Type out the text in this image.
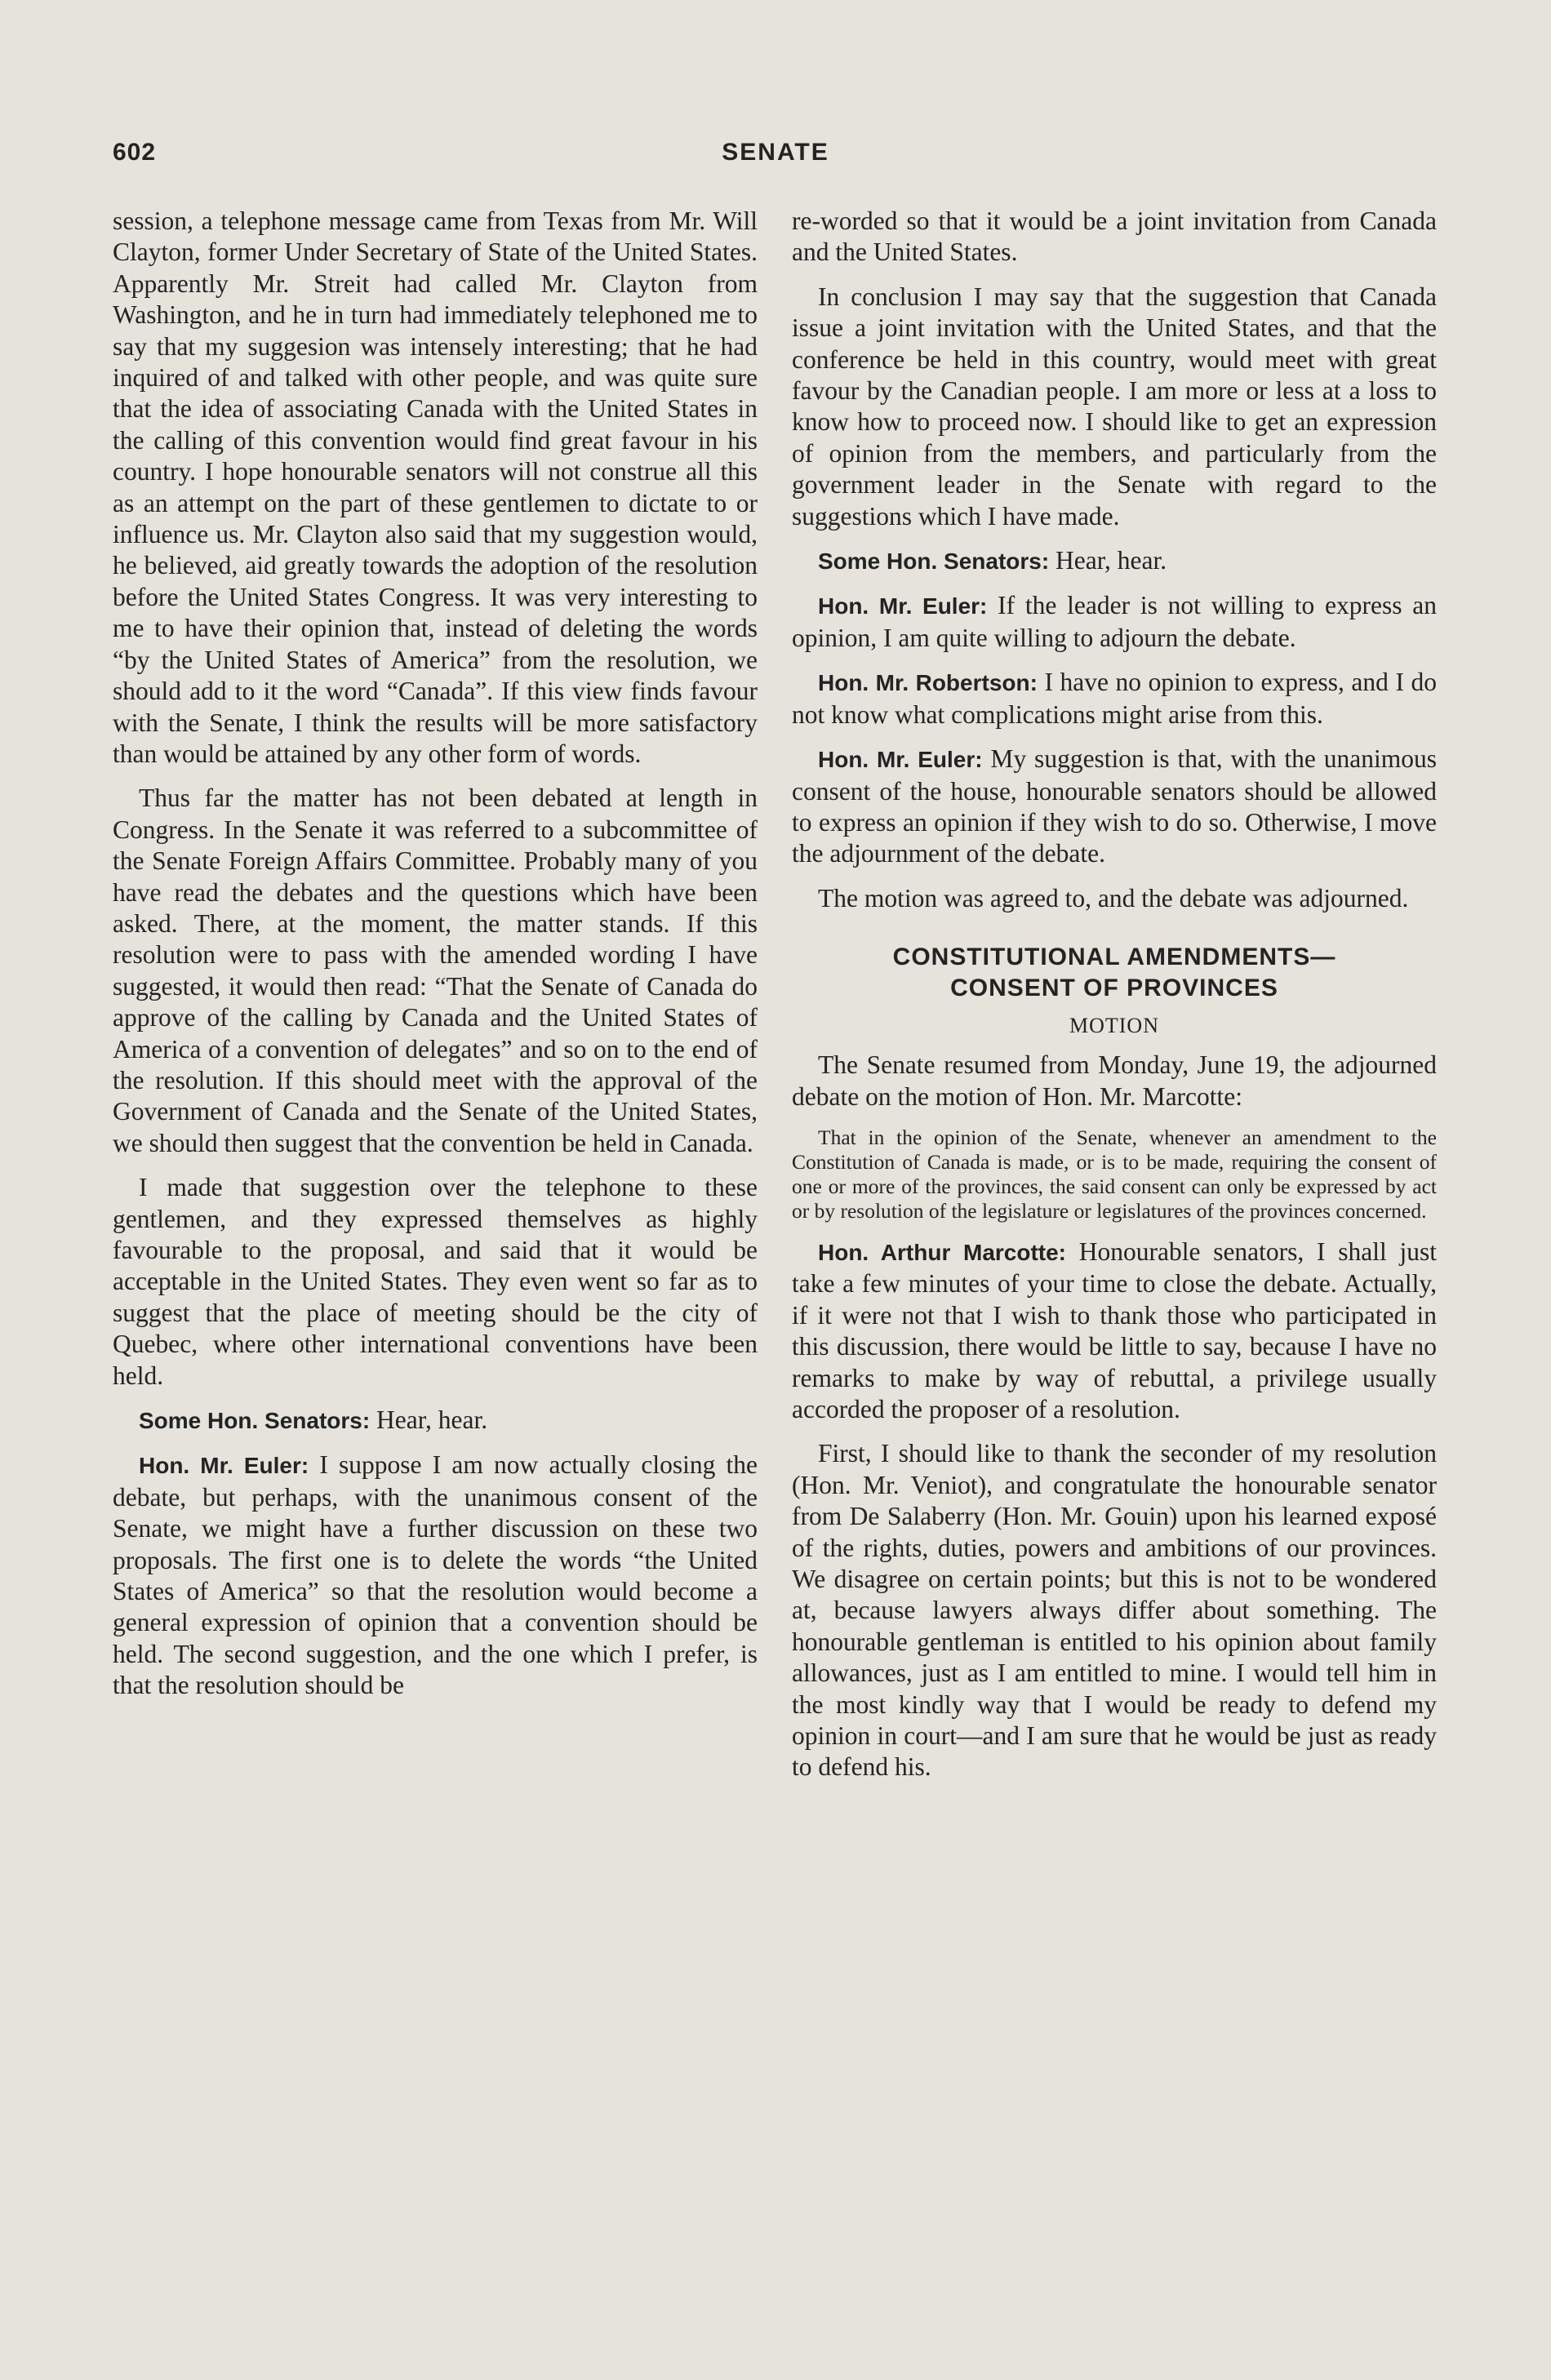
602	SENATE

session, a telephone message came from Texas from Mr. Will Clayton, former Under Secretary of State of the United States. Apparently Mr. Streit had called Mr. Clayton from Washington, and he in turn had immediately telephoned me to say that my suggesion was intensely interesting; that he had inquired of and talked with other people, and was quite sure that the idea of associating Canada with the United States in the calling of this convention would find great favour in his country. I hope honourable senators will not construe all this as an attempt on the part of these gentlemen to dictate to or influence us. Mr. Clayton also said that my suggestion would, he believed, aid greatly towards the adoption of the resolution before the United States Congress. It was very interesting to me to have their opinion that, instead of deleting the words “by the United States of America” from the resolution, we should add to it the word “Canada”. If this view finds favour with the Senate, I think the results will be more satisfactory than would be attained by any other form of words.

Thus far the matter has not been debated at length in Congress. In the Senate it was referred to a subcommittee of the Senate Foreign Affairs Committee. Probably many of you have read the debates and the questions which have been asked. There, at the moment, the matter stands. If this resolution were to pass with the amended wording I have suggested, it would then read: “That the Senate of Canada do approve of the calling by Canada and the United States of America of a convention of delegates” and so on to the end of the resolution. If this should meet with the approval of the Government of Canada and the Senate of the United States, we should then suggest that the convention be held in Canada.

I made that suggestion over the telephone to these gentlemen, and they expressed themselves as highly favourable to the proposal, and said that it would be acceptable in the United States. They even went so far as to suggest that the place of meeting should be the city of Quebec, where other international conventions have been held.

Some Hon. Senators: Hear, hear.

Hon. Mr. Euler: I suppose I am now actually closing the debate, but perhaps, with the unanimous consent of the Senate, we might have a further discussion on these two proposals. The first one is to delete the words “the United States of America” so that the resolution would become a general expression of opinion that a convention should be held. The second suggestion, and the one which I prefer, is that the resolution should be

re-worded so that it would be a joint invitation from Canada and the United States.

In conclusion I may say that the suggestion that Canada issue a joint invitation with the United States, and that the conference be held in this country, would meet with great favour by the Canadian people. I am more or less at a loss to know how to proceed now. I should like to get an expression of opinion from the members, and particularly from the government leader in the Senate with regard to the suggestions which I have made.

Some Hon. Senators: Hear, hear.

Hon. Mr. Euler: If the leader is not willing to express an opinion, I am quite willing to adjourn the debate.

Hon. Mr. Robertson: I have no opinion to express, and I do not know what complications might arise from this.

Hon. Mr. Euler: My suggestion is that, with the unanimous consent of the house, honourable senators should be allowed to express an opinion if they wish to do so. Otherwise, I move the adjournment of the debate.

The motion was agreed to, and the debate was adjourned.

CONSTITUTIONAL AMENDMENTS—
CONSENT OF PROVINCES
MOTION

The Senate resumed from Monday, June 19, the adjourned debate on the motion of Hon. Mr. Marcotte:

That in the opinion of the Senate, whenever an amendment to the Constitution of Canada is made, or is to be made, requiring the consent of one or more of the provinces, the said consent can only be expressed by act or by resolution of the legislature or legislatures of the provinces concerned.

Hon. Arthur Marcotte: Honourable senators, I shall just take a few minutes of your time to close the debate. Actually, if it were not that I wish to thank those who participated in this discussion, there would be little to say, because I have no remarks to make by way of rebuttal, a privilege usually accorded the proposer of a resolution.

First, I should like to thank the seconder of my resolution (Hon. Mr. Veniot), and congratulate the honourable senator from De Salaberry (Hon. Mr. Gouin) upon his learned exposé of the rights, duties, powers and ambitions of our provinces. We disagree on certain points; but this is not to be wondered at, because lawyers always differ about something. The honourable gentleman is entitled to his opinion about family allowances, just as I am entitled to mine. I would tell him in the most kindly way that I would be ready to defend my opinion in court—and I am sure that he would be just as ready to defend his.
